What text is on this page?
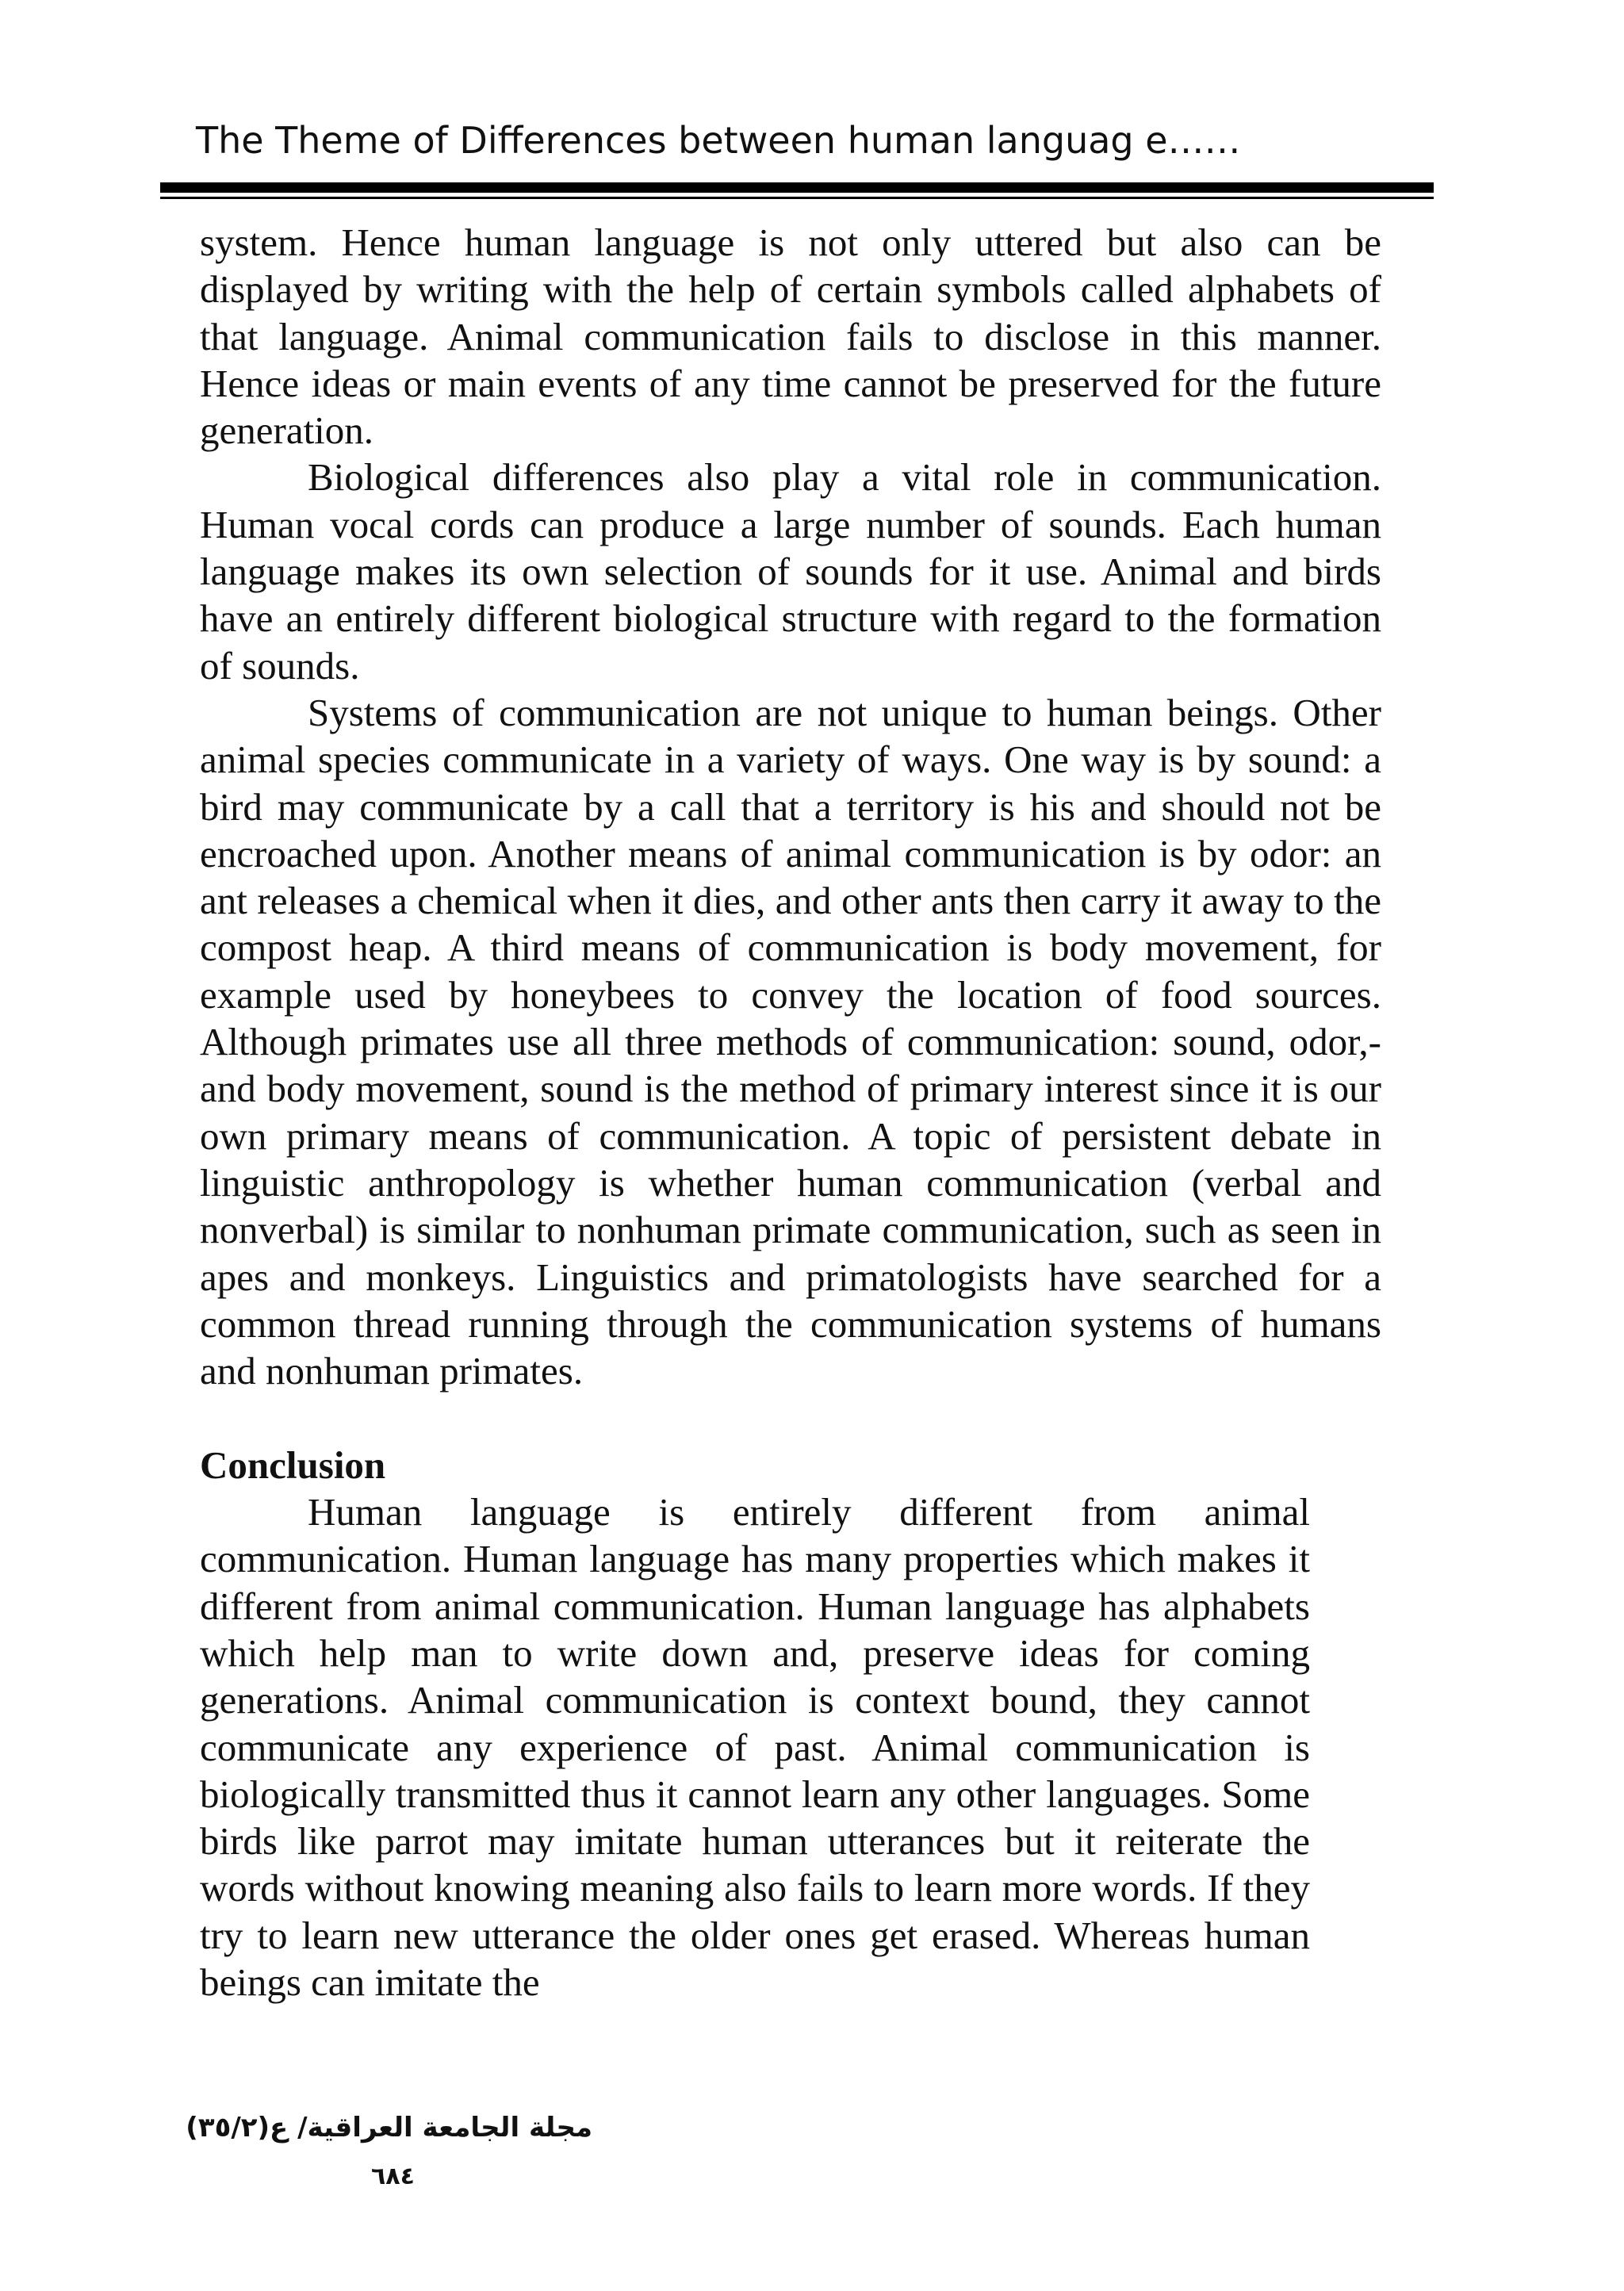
The Theme of Differences between human languag e……

system. Hence human language is not only uttered but also can be displayed by writing with the help of certain symbols called alphabets of that language. Animal communication fails to disclose in this manner. Hence ideas or main events of any time cannot be preserved for the future generation.

Biological differences also play a vital role in communication. Human vocal cords can produce a large number of sounds. Each human language makes its own selection of sounds for it use. Animal and birds have an entirely different biological structure with regard to the formation of sounds.

Systems of communication are not unique to human beings. Other animal species communicate in a variety of ways. One way is by sound: a bird may communicate by a call that a territory is his and should not be encroached upon. Another means of animal communication is by odor: an ant releases a chemical when it dies, and other ants then carry it away to the compost heap. A third means of communication is body movement, for example used by honeybees to convey the location of food sources. Although primates use all three methods of communication: sound, odor,-and body movement, sound is the method of primary interest since it is our own primary means of communication. A topic of persistent debate in linguistic anthropology is whether human communication (verbal and nonverbal) is similar to nonhuman primate communication, such as seen in apes and monkeys. Linguistics and primatologists have searched for a common thread running through the communication systems of humans and nonhuman primates.

Conclusion

Human language is entirely different from animal communication. Human language has many properties which makes it different from animal communication. Human language has alphabets which help man to write down and, preserve ideas for coming generations. Animal communication is context bound, they cannot communicate any experience of past. Animal communication is biologically transmitted thus it cannot learn any other languages. Some birds like parrot may imitate human utterances but it reiterate the words without knowing meaning also fails to learn more words. If they try to learn new utterance the older ones get erased. Whereas human beings can imitate the

مجلة الجامعة العراقية/ ع(٣٥/٢)
٦٨٤
